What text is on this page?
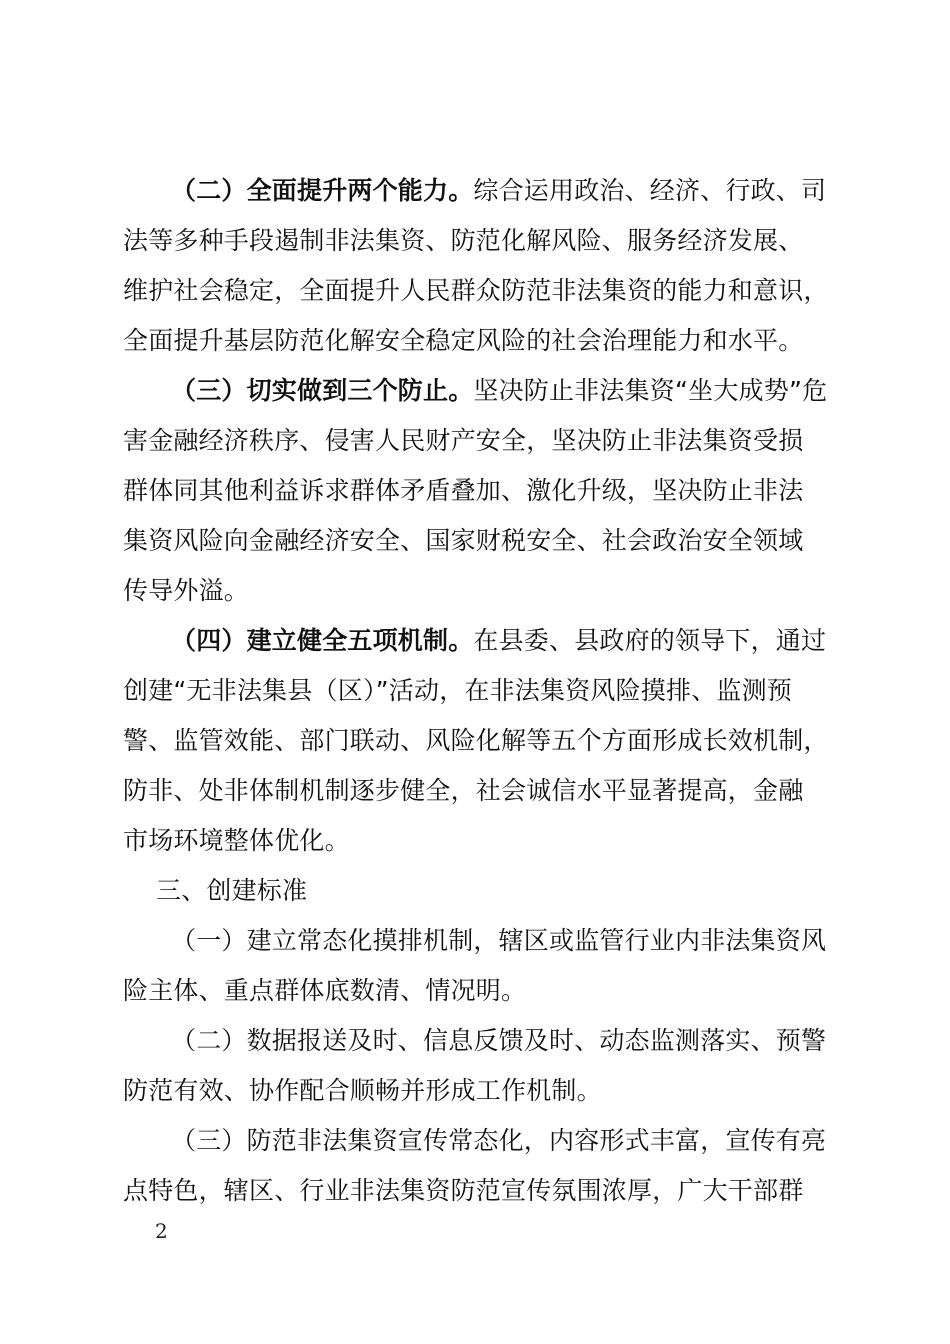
（二）全面提升两个能力。综合运用政治、经济、行政、司
法等多种手段遏制非法集资、防范化解风险、服务经济发展、
维护社会稳定，全面提升人民群众防范非法集资的能力和意识，
全面提升基层防范化解安全稳定风险的社会治理能力和水平。
（三）切实做到三个防止。坚决防止非法集资“坐大成势”危
害金融经济秩序、侵害人民财产安全，坚决防止非法集资受损
群体同其他利益诉求群体矛盾叠加、激化升级，坚决防止非法
集资风险向金融经济安全、国家财税安全、社会政治安全领域
传导外溢。
（四）建立健全五项机制。在县委、县政府的领导下，通过
创建“无非法集县（区）”活动，在非法集资风险摸排、监测预
警、监管效能、部门联动、风险化解等五个方面形成长效机制，
防非、处非体制机制逐步健全，社会诚信水平显著提高，金融
市场环境整体优化。
三、创建标准
（一）建立常态化摸排机制，辖区或监管行业内非法集资风
险主体、重点群体底数清、情况明。
（二）数据报送及时、信息反馈及时、动态监测落实、预警
防范有效、协作配合顺畅并形成工作机制。
（三）防范非法集资宣传常态化，内容形式丰富，宣传有亮
点特色，辖区、行业非法集资防范宣传氛围浓厚，广大干部群
2
